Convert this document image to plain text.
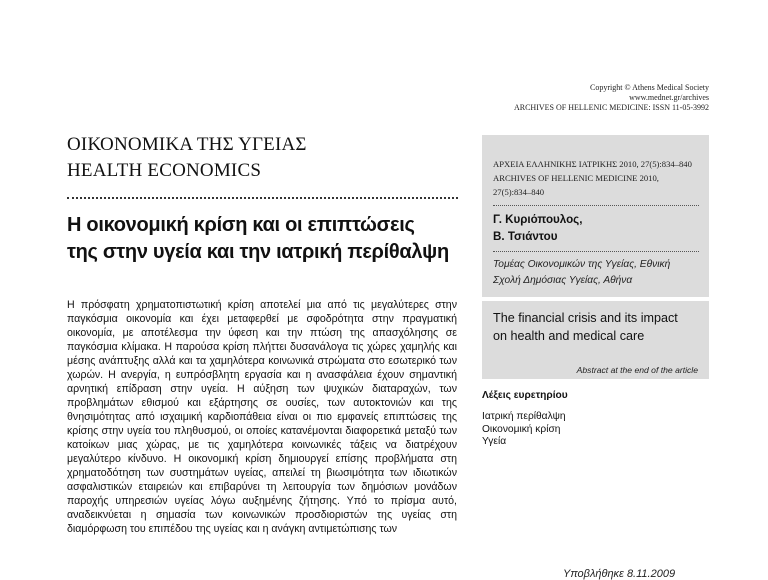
Copyright © Athens Medical Society
www.mednet.gr/archives
ARCHIVES OF HELLENIC MEDICINE: ISSN 11-05-3992
ΟΙΚΟΝΟΜΙΚΑ ΤΗΣ ΥΓΕΙΑΣ
HEALTH ECONOMICS
Η οικονομική κρίση και οι επιπτώσεις
της στην υγεία και την ιατρική περίθαλψη

Η πρόσφατη χρηματοπιστωτική κρίση αποτελεί μια από τις μεγαλύτερες στην παγκόσμια οικονομία και έχει μεταφερθεί με σφοδρότητα στην πραγματική οικονομία, με αποτέλεσμα την ύφεση και την πτώση της απασχόλησης σε παγκόσμια κλίμακα. Η παρούσα κρίση πλήττει δυσανάλογα τις χώρες χαμηλής και μέσης ανάπτυξης αλλά και τα χαμηλότερα κοινωνικά στρώματα στο εσωτερικό των χωρών. Η ανεργία, η ευπρόσβλητη εργασία και η ανασφάλεια έχουν σημαντική αρνητική επίδραση στην υγεία. Η αύξηση των ψυχικών διαταραχών, των προβλημάτων εθισμού και εξάρτησης σε ουσίες, των αυτοκτονιών και της θνησιμότητας από ισχαιμική καρδιοπάθεια είναι οι πιο εμφανείς επιπτώσεις της κρίσης στην υγεία του πληθυσμού, οι οποίες κατανέμονται διαφορετικά μεταξύ των κατοίκων μιας χώρας, με τις χαμηλότερα κοινωνικές τάξεις να διατρέχουν μεγαλύτερο κίνδυνο. Η οικονομική κρίση δημιουργεί επίσης προβλήματα στη χρηματοδότηση των συστημάτων υγείας, απειλεί τη βιωσιμότητα των ιδιωτικών ασφαλιστικών εταιρειών και επιβαρύνει τη λειτουργία των δημόσιων μονάδων παροχής υπηρεσιών υγείας λόγω αυξημένης ζήτησης. Υπό το πρίσμα αυτό, αναδεικνύεται η σημασία των κοινωνικών προσδιοριστών της υγείας στη διαμόρφωση του επιπέδου της υγείας και η ανάγκη αντιμετώπισης των

ΑΡΧΕΙΑ ΕΛΛΗΝΙΚΗΣ ΙΑΤΡΙΚΗΣ 2010, 27(5):834–840
ARCHIVES OF HELLENIC MEDICINE 2010, 27(5):834–840
Γ. Κυριόπουλος,
Β. Τσιάντου
Τομέας Οικονομικών της Υγείας, Εθνική
Σχολή Δημόσιας Υγείας, Αθήνα
The financial crisis and its impact
on health and medical care
Abstract at the end of the article
Λέξεις ευρετηρίου
Ιατρική περίθαλψη
Οικονομική κρίση
Υγεία
Υποβλήθηκε 8.11.2009
